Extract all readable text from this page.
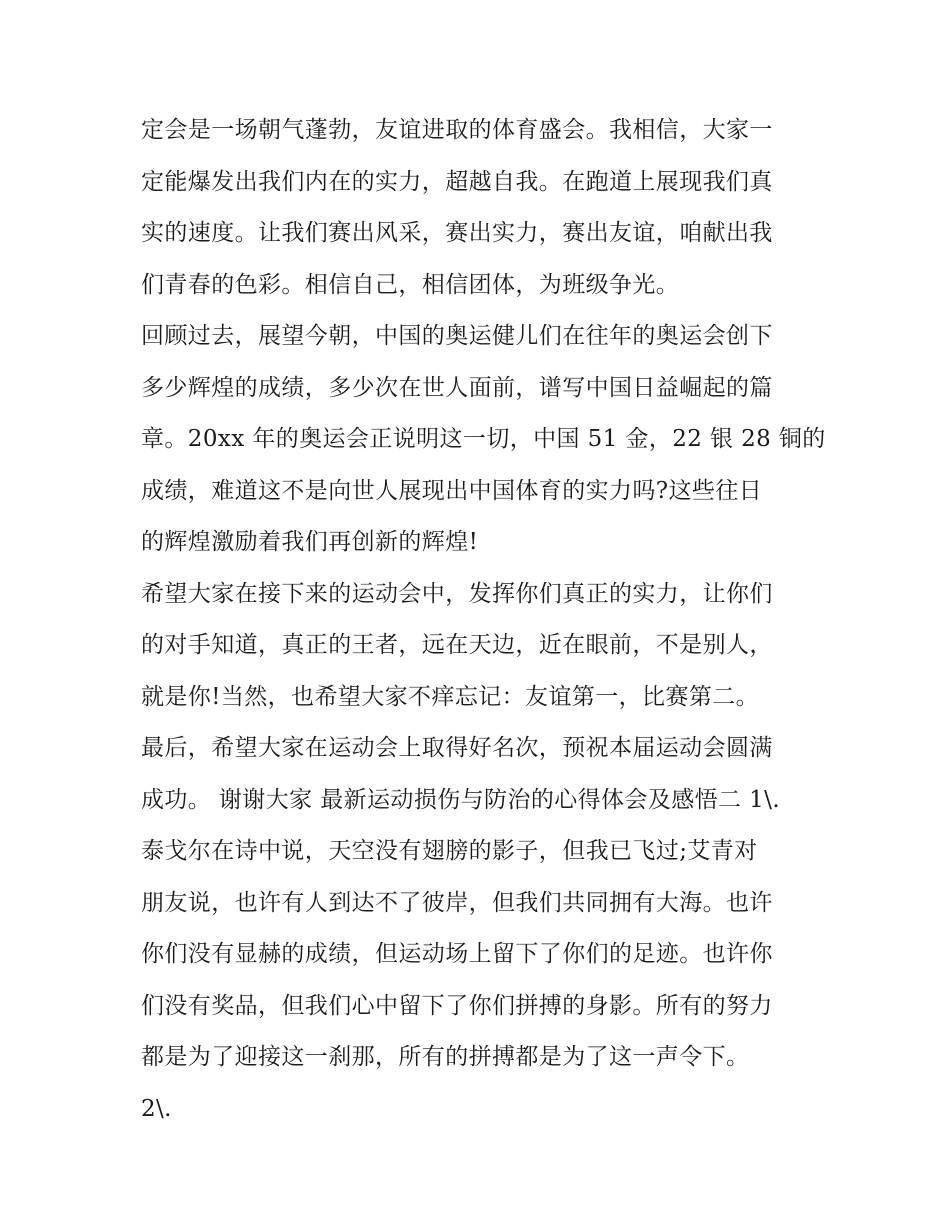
定会是一场朝气蓬勃，友谊进取的体育盛会。我相信，大家一
定能爆发出我们内在的实力，超越自我。在跑道上展现我们真
实的速度。让我们赛出风采，赛出实力，赛出友谊，咱献出我
们青春的色彩。相信自己，相信团体，为班级争光。
回顾过去，展望今朝，中国的奥运健儿们在往年的奥运会创下
多少辉煌的成绩，多少次在世人面前，谱写中国日益崛起的篇
章。20xx 年的奥运会正说明这一切，中国 51 金，22 银 28 铜的
成绩，难道这不是向世人展现出中国体育的实力吗?这些往日
的辉煌激励着我们再创新的辉煌!
希望大家在接下来的运动会中，发挥你们真正的实力，让你们
的对手知道，真正的王者，远在天边，近在眼前，不是别人，
就是你!当然，也希望大家不痒忘记：友谊第一，比赛第二。
最后，希望大家在运动会上取得好名次，预祝本届运动会圆满
成功。 谢谢大家 最新运动损伤与防治的心得体会及感悟二 1\.
泰戈尔在诗中说，天空没有翅膀的影子，但我已飞过;艾青对
朋友说，也许有人到达不了彼岸，但我们共同拥有大海。也许
你们没有显赫的成绩，但运动场上留下了你们的足迹。也许你
们没有奖品，但我们心中留下了你们拼搏的身影。所有的努力
都是为了迎接这一刹那，所有的拼搏都是为了这一声令下。
2\.
